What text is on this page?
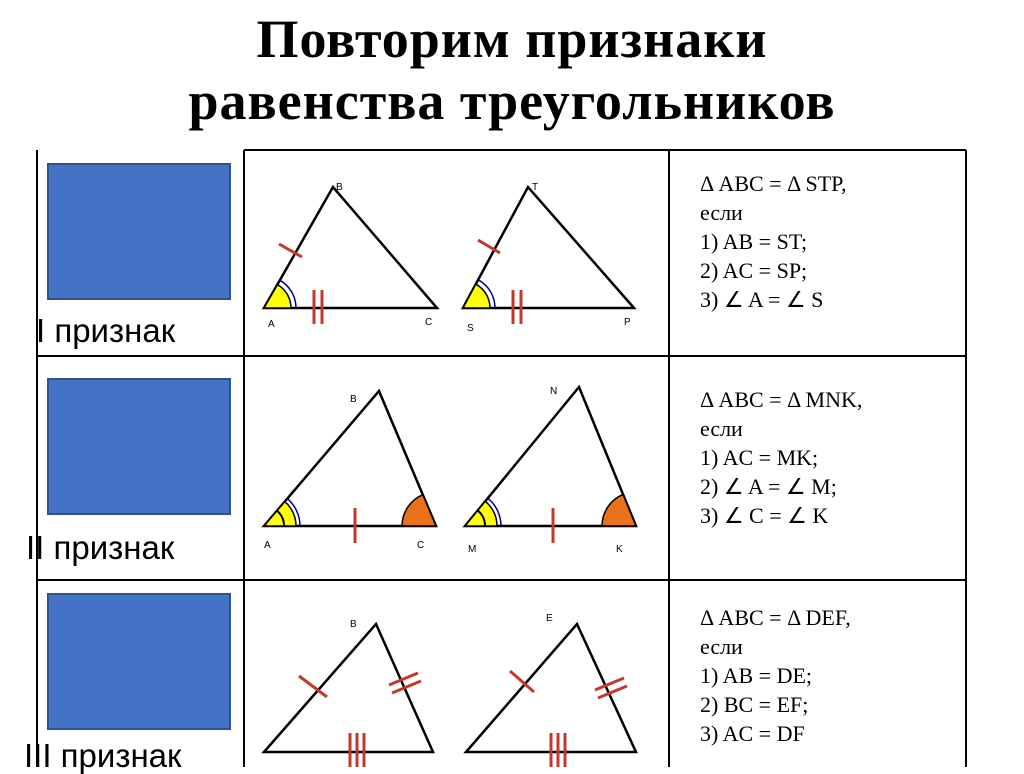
Повторим признаки
равенства треугольников
I признак
II признак
III признак
A
B
C
S
T
P
A
B
C	M
N
K
B
E
Δ ABC = Δ STP,
если
1) AB = ST;
2) AC = SP;
3) ∠ A = ∠ S
Δ ABC = Δ MNK,
если
1) AC = MK;
2) ∠ A = ∠ M;
3) ∠ C = ∠ K
Δ ABC = Δ DEF,
если
1) AB = DE;
2) BC = EF;
3) AC = DF
